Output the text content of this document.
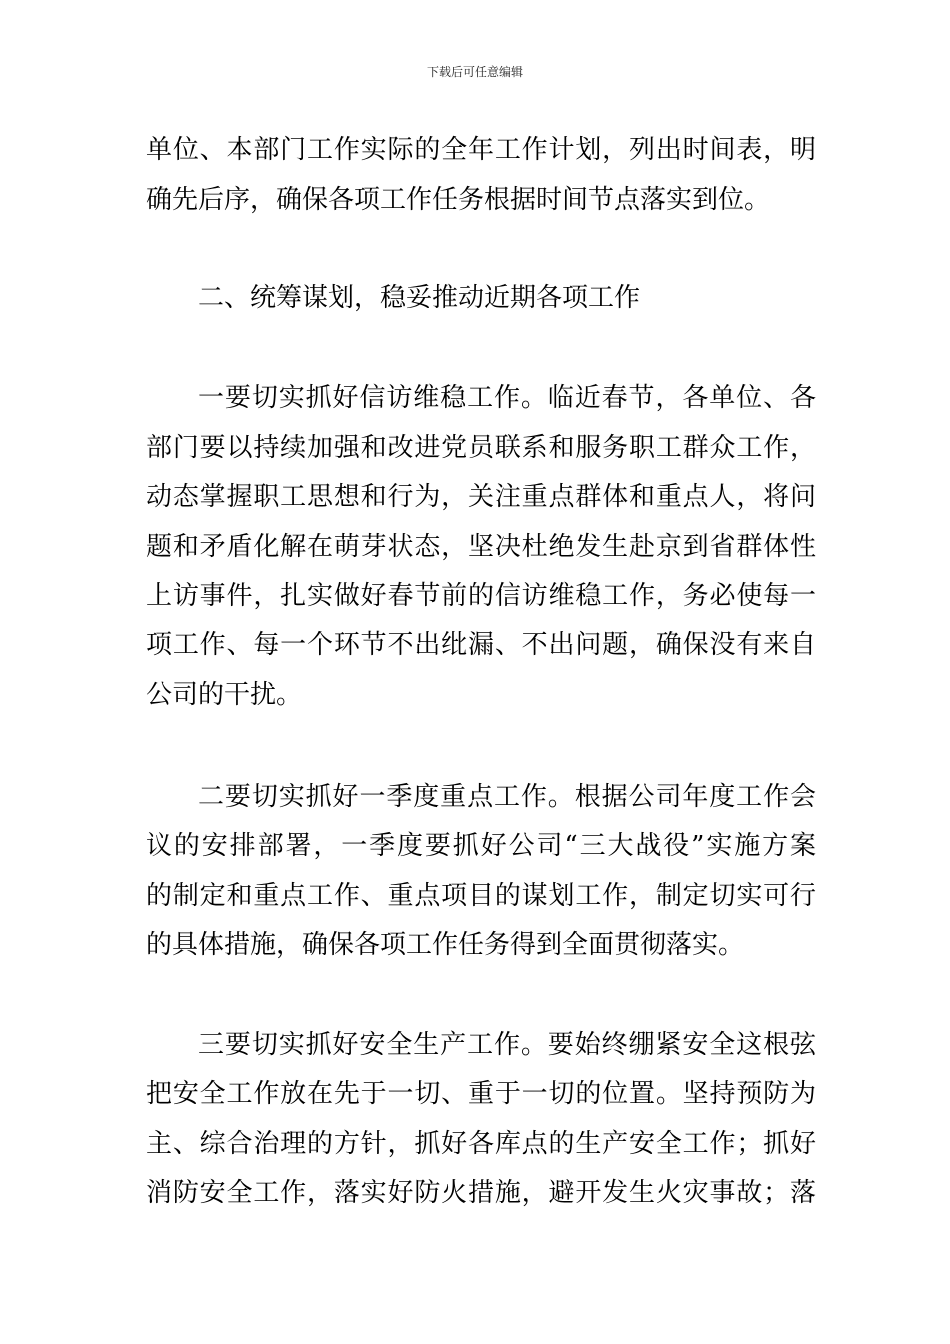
下载后可任意编辑
单位、本部门工作实际的全年工作计划，列出时间表，明
确先后序，确保各项工作任务根据时间节点落实到位。
二、统筹谋划，稳妥推动近期各项工作
一要切实抓好信访维稳工作。临近春节，各单位、各
部门要以持续加强和改进党员联系和服务职工群众工作，
动态掌握职工思想和行为，关注重点群体和重点人，将问
题和矛盾化解在萌芽状态，坚决杜绝发生赴京到省群体性
上访事件，扎实做好春节前的信访维稳工作，务必使每一
项工作、每一个环节不出纰漏、不出问题，确保没有来自
公司的干扰。
二要切实抓好一季度重点工作。根据公司年度工作会
议的安排部署，一季度要抓好公司“三大战役”实施方案
的制定和重点工作、重点项目的谋划工作，制定切实可行
的具体措施，确保各项工作任务得到全面贯彻落实。
三要切实抓好安全生产工作。要始终绷紧安全这根弦
把安全工作放在先于一切、重于一切的位置。坚持预防为
主、综合治理的方针，抓好各库点的生产安全工作；抓好
消防安全工作，落实好防火措施，避开发生火灾事故；落
